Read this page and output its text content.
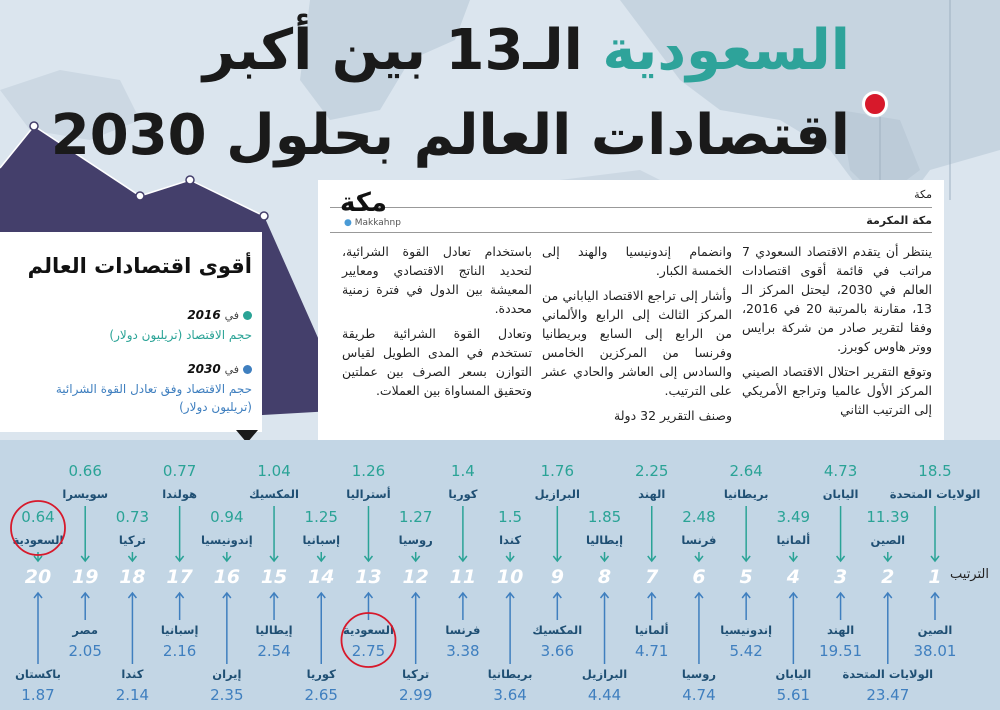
السعودية الـ13 بين أكبر
اقتصادات العالم بحلول 2030
مكة
مكة المكرمة
مكة
● Makkahnp

ينتظر أن يتقدم الاقتصاد السعودي 7 مراتب في قائمة أقوى اقتصادات العالم في 2030، ليحتل المركز الـ 13، مقارنة بالمرتبة 20 في 2016، وفقا لتقرير صادر من شركة برايس ووتر هاوس كوبرز.

وتوقع التقرير احتلال الاقتصاد الصيني المركز الأول عالميا وتراجع الأمريكي إلى الترتيب الثاني

وانضمام إندونيسيا والهند إلى الخمسة الكبار.

وأشار إلى تراجع الاقتصاد الياباني من المركز الثالث إلى الرابع والألماني من الرابع إلى السابع وبريطانيا وفرنسا من المركزين الخامس والسادس إلى العاشر والحادي عشر على الترتيب.

وصنف التقرير 32 دولة

باستخدام تعادل القوة الشرائية، لتحديد الناتج الاقتصادي ومعايير المعيشة بين الدول في فترة زمنية محددة.

وتعادل القوة الشرائية طريقة تستخدم في المدى الطويل لقياس التوازن بسعر الصرف بين عملتين وتحقيق المساواة بين العملات.

أقوى اقتصادات العالم
في 2016
حجم الاقتصاد (تريليون دولار)
في 2030
حجم الاقتصاد وفق تعادل القوة الشرائية
(تريليون دولار)
1
18.5
الولايات المتحدة
الصين
38.01
2
11.39
الصين
الولايات المتحدة
23.47
3
4.73
اليابان
الهند
19.51
4
3.49
ألمانيا
اليابان
5.61
5
2.64
بريطانيا
إندونيسيا
5.42
6
2.48
فرنسا
روسيا
4.74
7
2.25
الهند
ألمانيا
4.71
8
1.85
إيطاليا
البرازيل
4.44
9
1.76
البرازيل
المكسيك
3.66
10
1.5
كندا
بريطانيا
3.64
11
1.4
كوريا
فرنسا
3.38
12
1.27
روسيا
تركيا
2.99
13
1.26
أستراليا
السعودية
2.75
14
1.25
إسبانيا
كوريا
2.65
15
1.04
المكسيك
إيطاليا
2.54
16
0.94
إندونيسيا
إيران
2.35
17
0.77
هولندا
إسبانيا
2.16
18
0.73
تركيا
كندا
2.14
19
0.66
سويسرا
مصر
2.05
20
0.64
السعودية
باكستان
1.87
الترتيب
